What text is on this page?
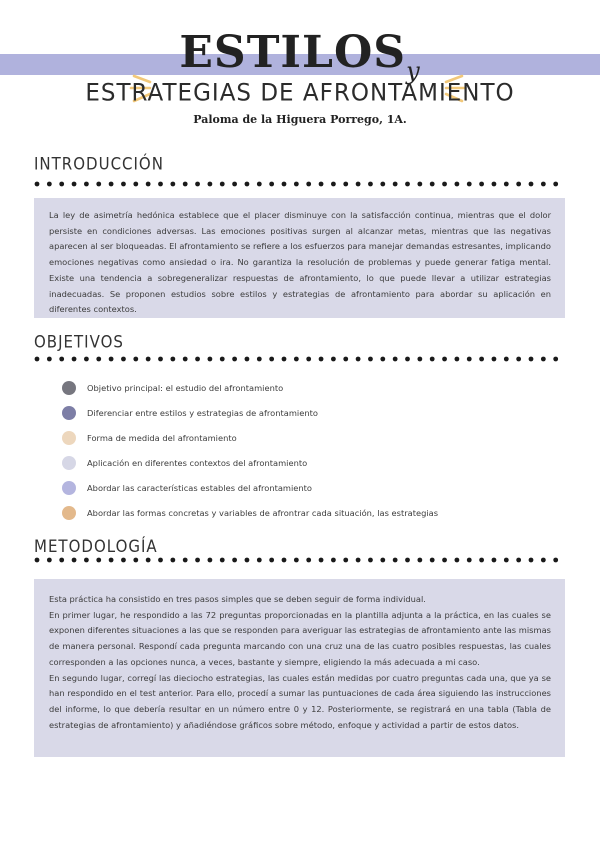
ESTILOS$^y$
ESTRATEGIAS DE AFRONTAMIENTO
Paloma de la Higuera Porrego, 1A.
INTRODUCCIÓN

La ley de asimetría hedónica establece que el placer disminuye con la satisfacción continua, mientras que el dolor persiste en condiciones adversas. Las emociones positivas surgen al alcanzar metas, mientras que las negativas aparecen al ser bloqueadas. El afrontamiento se refiere a los esfuerzos para manejar demandas estresantes, implicando emociones negativas como ansiedad o ira. No garantiza la resolución de problemas y puede generar fatiga mental. Existe una tendencia a sobregeneralizar respuestas de afrontamiento, lo que puede llevar a utilizar estrategias inadecuadas. Se proponen estudios sobre estilos y estrategias de afrontamiento para abordar su aplicación en diferentes contextos.

OBJETIVOS
Objetivo principal: el estudio del afrontamiento
Diferenciar entre estilos y estrategias de afrontamiento
Forma de medida del afrontamiento
Aplicación en diferentes contextos del afrontamiento
Abordar las características estables del afrontamiento
Abordar las formas concretas y variables de afrontrar cada situación, las estrategias
METODOLOGÍA

Esta práctica ha consistido en tres pasos simples que se deben seguir de forma individual.

En primer lugar, he respondido a las 72 preguntas proporcionadas en la plantilla adjunta a la práctica, en las cuales se exponen diferentes situaciones a las que se responden para averiguar las estrategias de afrontamiento ante las mismas de manera personal. Respondí cada pregunta marcando con una cruz una de las cuatro posibles respuestas, las cuales corresponden a las opciones nunca, a veces, bastante y siempre, eligiendo la más adecuada a mi caso.

En segundo lugar, corregí las dieciocho estrategias, las cuales están medidas por cuatro preguntas cada una, que ya se han respondido en el test anterior. Para ello, procedí a sumar las puntuaciones de cada área siguiendo las instrucciones del informe, lo que debería resultar en un número entre 0 y 12. Posteriormente, se registrará en una tabla (Tabla de estrategias de afrontamiento) y añadiéndose gráficos sobre método, enfoque y actividad a partir de estos datos.
